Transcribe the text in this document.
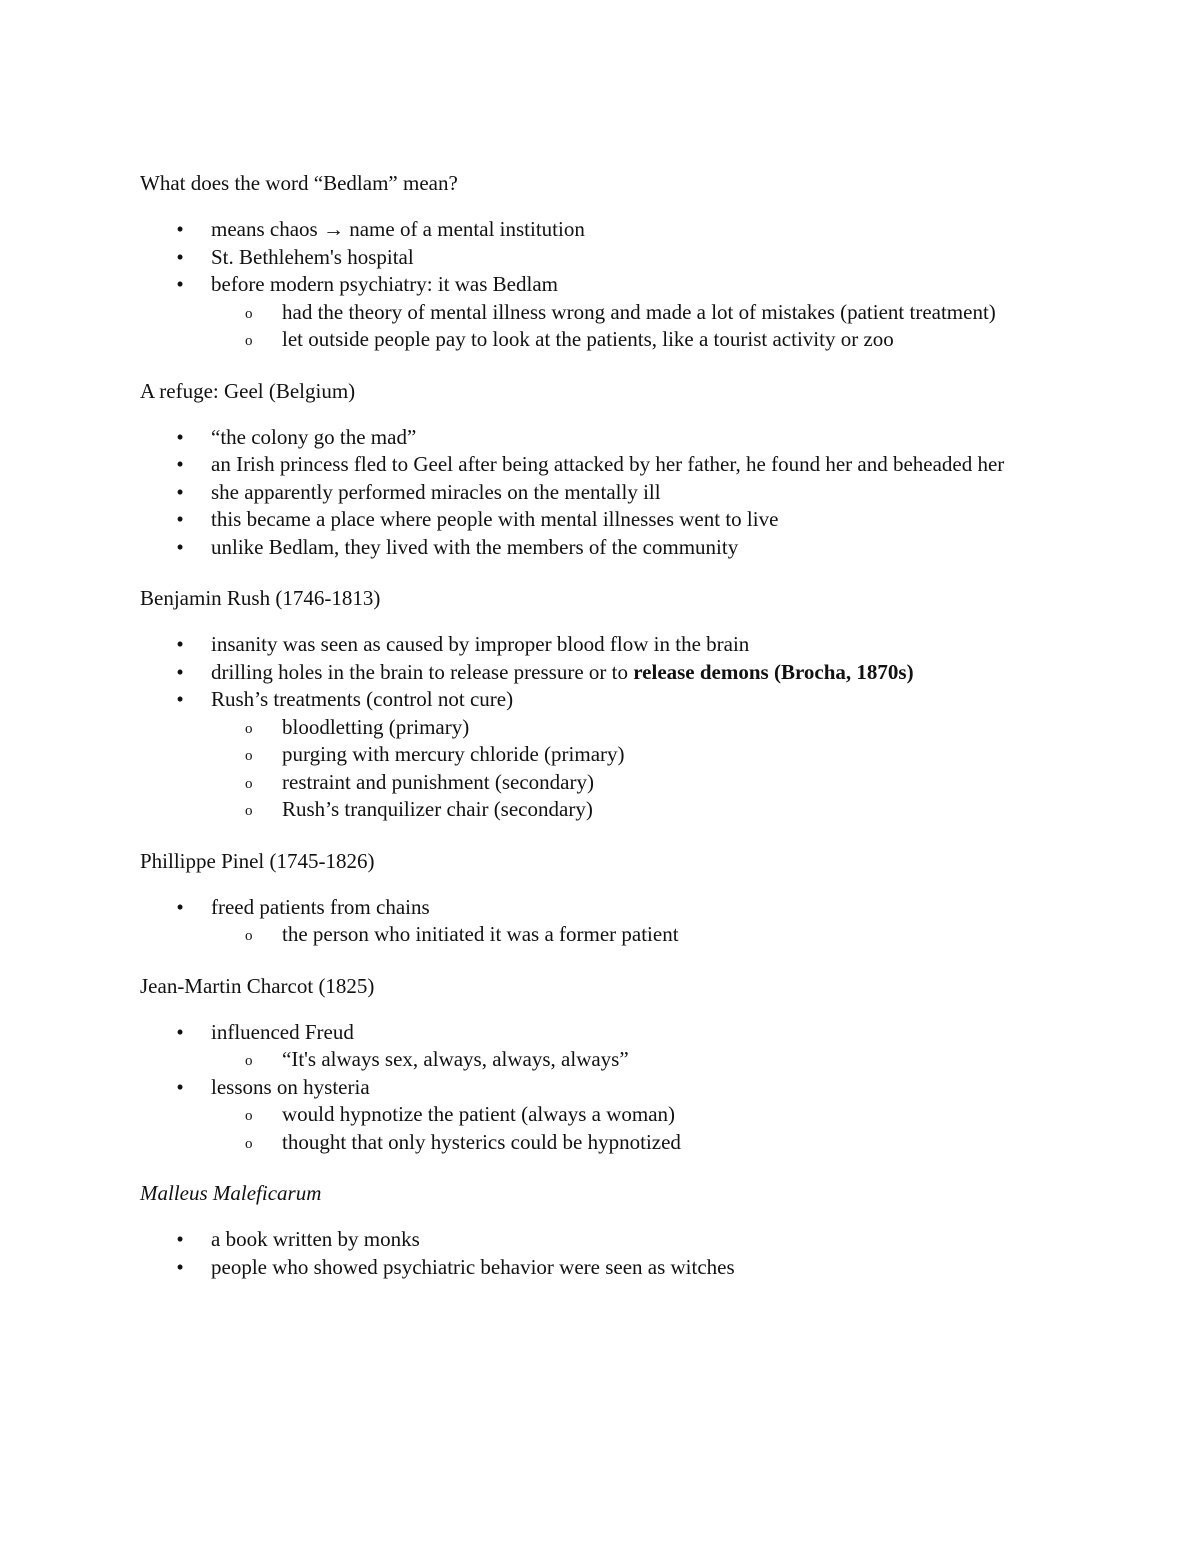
What does the word “Bedlam” mean?

• means chaos → name of a mental institution
• St. Bethlehem's hospital
• before modern psychiatry: it was Bedlam
o had the theory of mental illness wrong and made a lot of mistakes (patient treatment)
o let outside people pay to look at the patients, like a tourist activity or zoo

A refuge: Geel (Belgium)

• “the colony go the mad”
• an Irish princess fled to Geel after being attacked by her father, he found her and beheaded her
• she apparently performed miracles on the mentally ill
• this became a place where people with mental illnesses went to live
• unlike Bedlam, they lived with the members of the community

Benjamin Rush (1746-1813)

• insanity was seen as caused by improper blood flow in the brain
• drilling holes in the brain to release pressure or to release demons (Brocha, 1870s)
• Rush’s treatments (control not cure)
o bloodletting (primary)
o purging with mercury chloride (primary)
o restraint and punishment (secondary)
o Rush’s tranquilizer chair (secondary)

Phillippe Pinel (1745-1826)

• freed patients from chains
o the person who initiated it was a former patient

Jean-Martin Charcot (1825)

• influenced Freud
o “It's always sex, always, always, always”
• lessons on hysteria
o would hypnotize the patient (always a woman)
o thought that only hysterics could be hypnotized

Malleus Maleficarum

• a book written by monks
• people who showed psychiatric behavior were seen as witches
